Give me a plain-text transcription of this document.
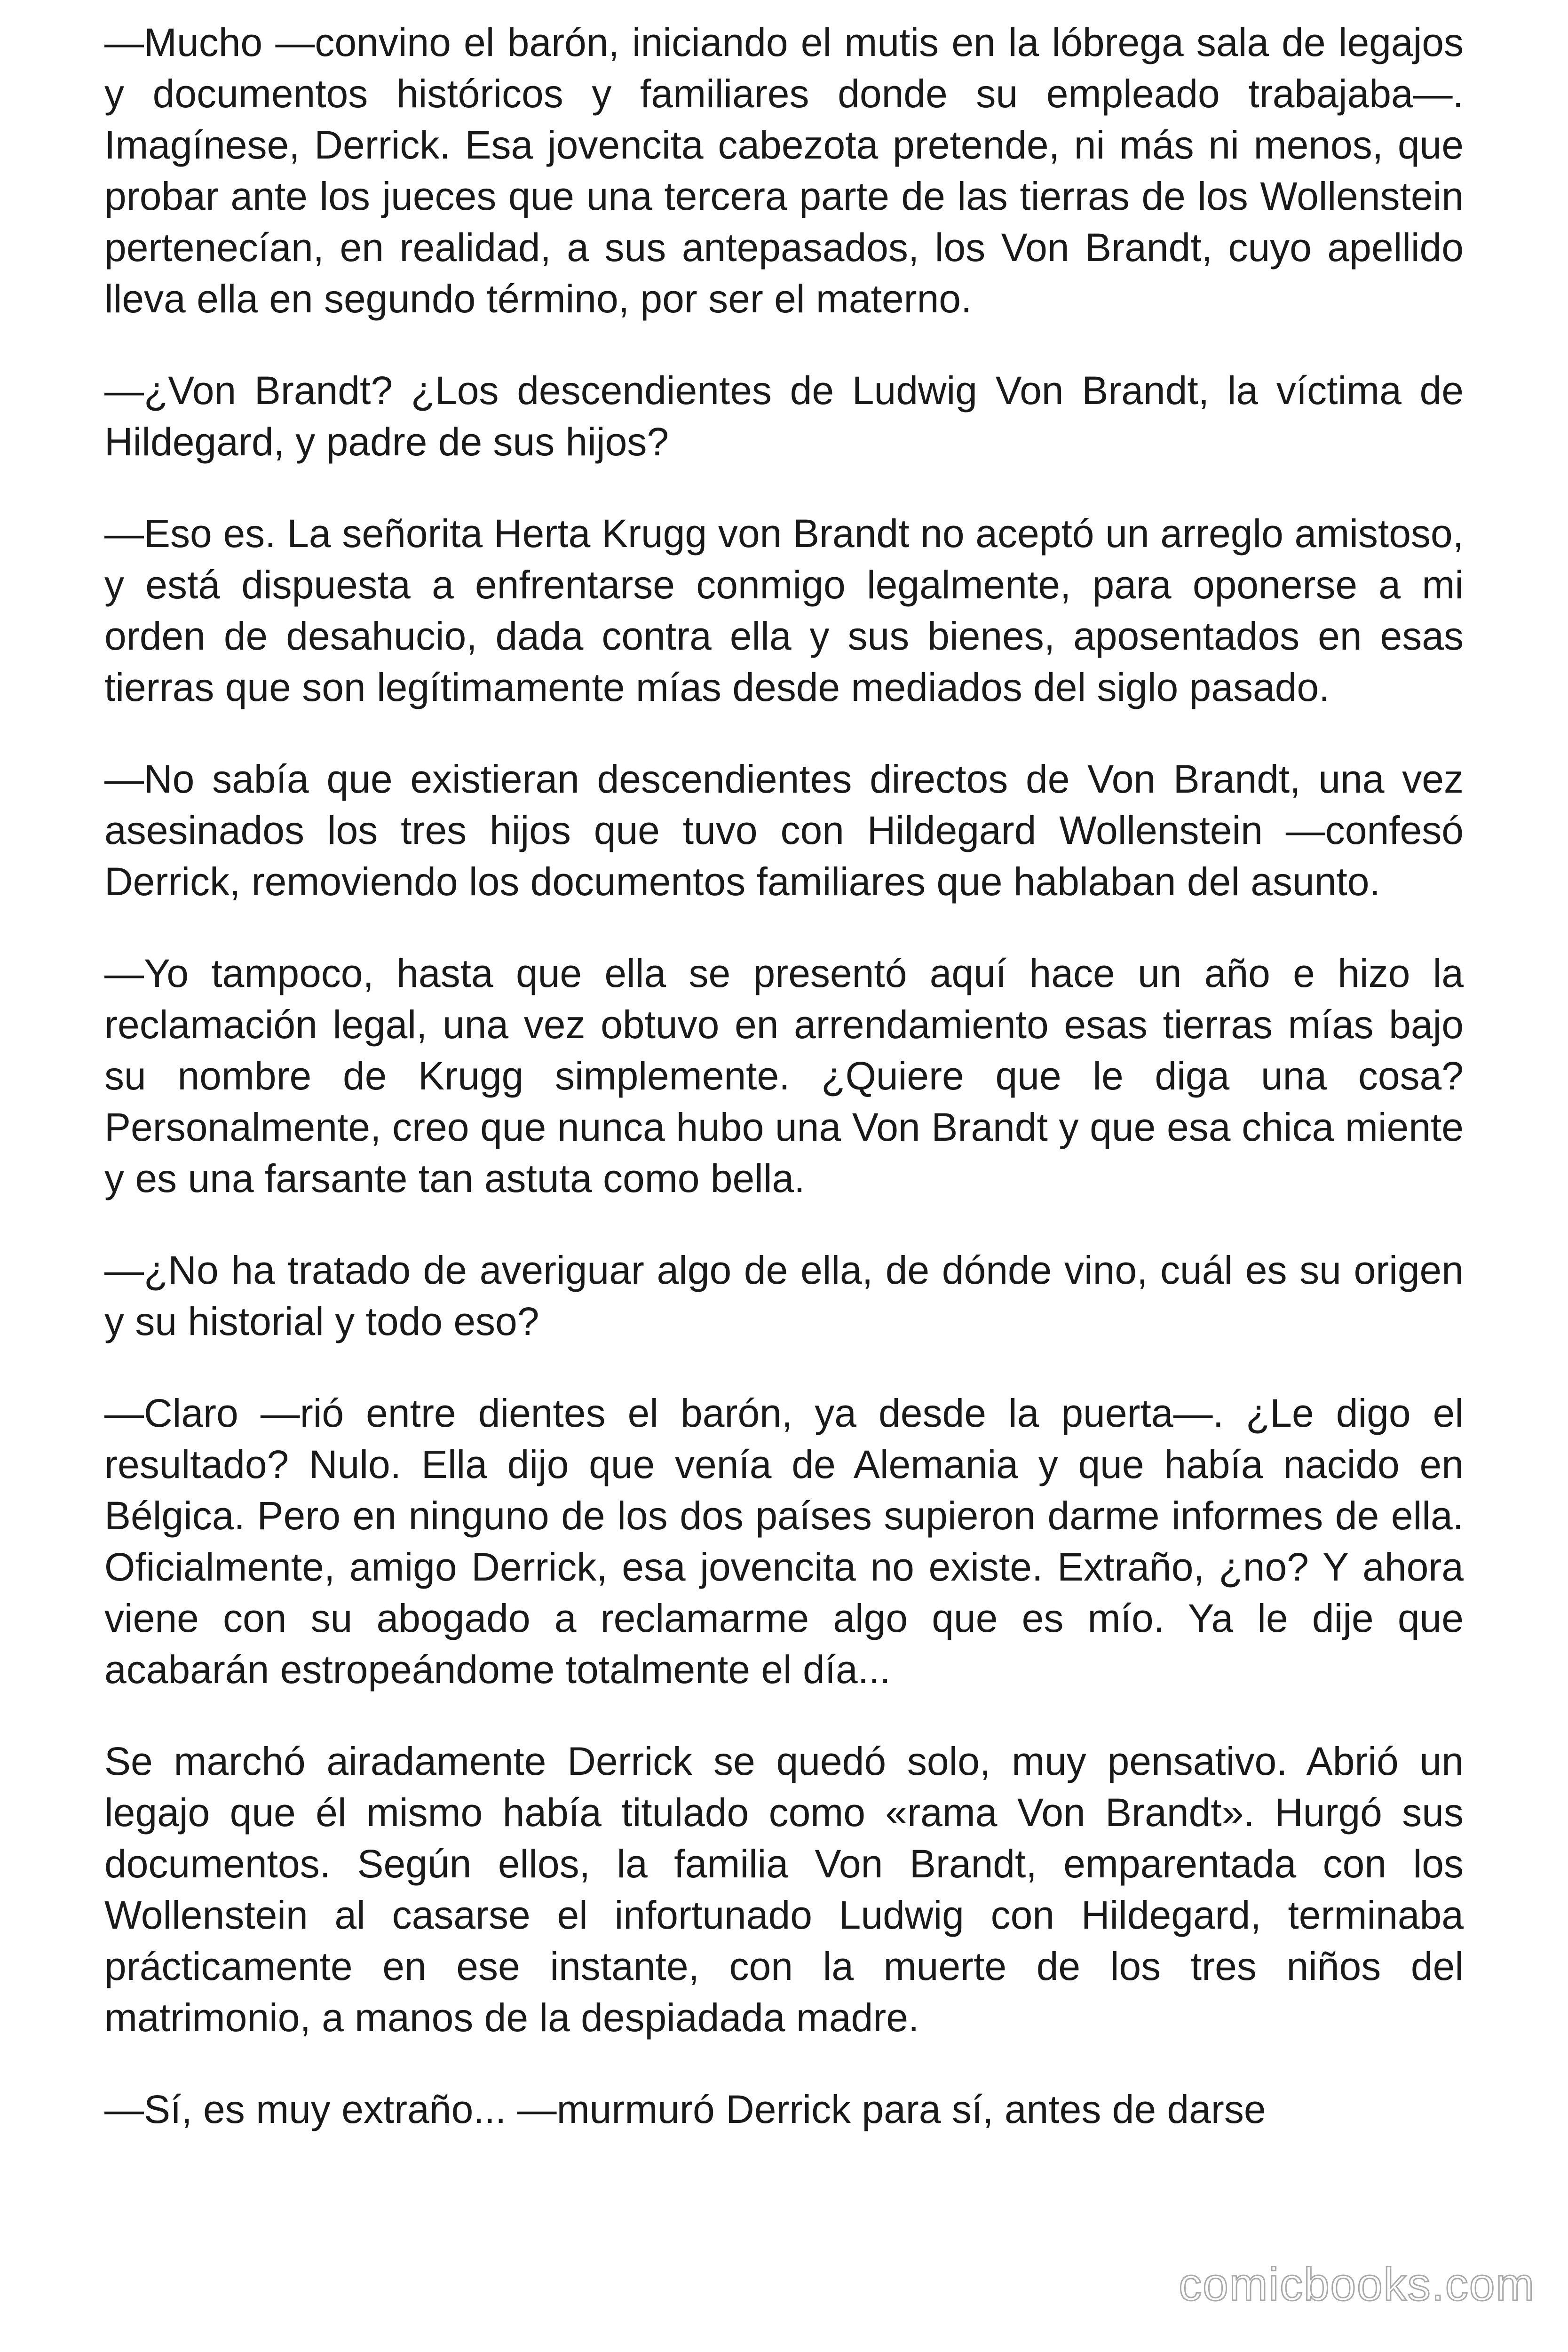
—Mucho —convino el barón, iniciando el mutis en la lóbrega sala de legajos y documentos históricos y familiares donde su empleado trabajaba—. Imagínese, Derrick. Esa jovencita cabezota pretende, ni más ni menos, que probar ante los jueces que una tercera parte de las tierras de los Wollenstein pertenecían, en realidad, a sus antepasados, los Von Brandt, cuyo apellido lleva ella en segundo término, por ser el materno.

—¿Von Brandt? ¿Los descendientes de Ludwig Von Brandt, la víctima de Hildegard, y padre de sus hijos?

—Eso es. La señorita Herta Krugg von Brandt no aceptó un arreglo amistoso, y está dispuesta a enfrentarse conmigo legalmente, para oponerse a mi orden de desahucio, dada contra ella y sus bienes, aposentados en esas tierras que son legítimamente mías desde mediados del siglo pasado.

—No sabía que existieran descendientes directos de Von Brandt, una vez asesinados los tres hijos que tuvo con Hildegard Wollenstein —confesó Derrick, removiendo los documentos familiares que hablaban del asunto.

—Yo tampoco, hasta que ella se presentó aquí hace un año e hizo la reclamación legal, una vez obtuvo en arrendamiento esas tierras mías bajo su nombre de Krugg simplemente. ¿Quiere que le diga una cosa? Personalmente, creo que nunca hubo una Von Brandt y que esa chica miente y es una farsante tan astuta como bella.

—¿No ha tratado de averiguar algo de ella, de dónde vino, cuál es su origen y su historial y todo eso?

—Claro —rió entre dientes el barón, ya desde la puerta—. ¿Le digo el resultado? Nulo. Ella dijo que venía de Alemania y que había nacido en Bélgica. Pero en ninguno de los dos países supieron darme informes de ella. Oficialmente, amigo Derrick, esa jovencita no existe. Extraño, ¿no? Y ahora viene con su abogado a reclamarme algo que es mío. Ya le dije que acabarán estropeándome totalmente el día...

Se marchó airadamente Derrick se quedó solo, muy pensativo. Abrió un legajo que él mismo había titulado como «rama Von Brandt». Hurgó sus documentos. Según ellos, la familia Von Brandt, emparentada con los Wollenstein al casarse el infortunado Ludwig con Hildegard, terminaba prácticamente en ese instante, con la muerte de los tres niños del matrimonio, a manos de la despiadada madre.

—Sí, es muy extraño... —murmuró Derrick para sí, antes de darse

comicbooks.com
